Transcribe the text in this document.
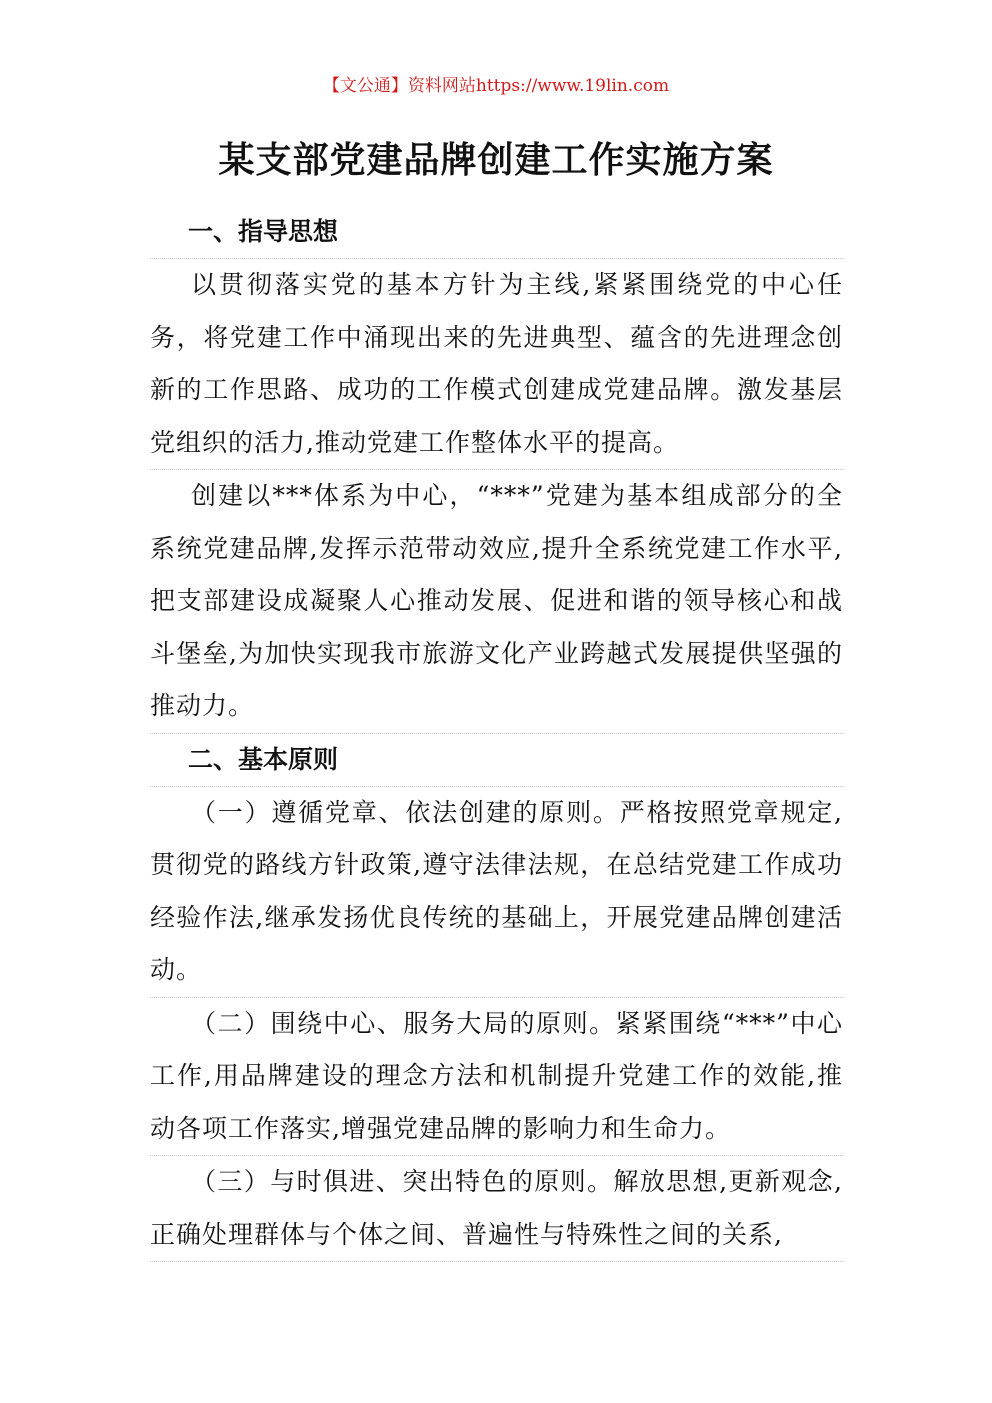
【文公通】资料网站https://www.19lin.com
某支部党建品牌创建工作实施方案
一、指导思想
以贯彻落实党的基本方针为主线,紧紧围绕党的中心任务，将党建工作中涌现出来的先进典型、蕴含的先进理念创新的工作思路、成功的工作模式创建成党建品牌。激发基层党组织的活力,推动党建工作整体水平的提高。
创建以***体系为中心，“***”党建为基本组成部分的全系统党建品牌,发挥示范带动效应,提升全系统党建工作水平,把支部建设成凝聚人心推动发展、促进和谐的领导核心和战斗堡垒,为加快实现我市旅游文化产业跨越式发展提供坚强的推动力。
二、基本原则
（一）遵循党章、依法创建的原则。严格按照党章规定,贯彻党的路线方针政策,遵守法律法规，在总结党建工作成功经验作法,继承发扬优良传统的基础上，开展党建品牌创建活动。
（二）围绕中心、服务大局的原则。紧紧围绕“***”中心工作,用品牌建设的理念方法和机制提升党建工作的效能,推动各项工作落实,增强党建品牌的影响力和生命力。
（三）与时俱进、突出特色的原则。解放思想,更新观念,正确处理群体与个体之间、普遍性与特殊性之间的关系,
